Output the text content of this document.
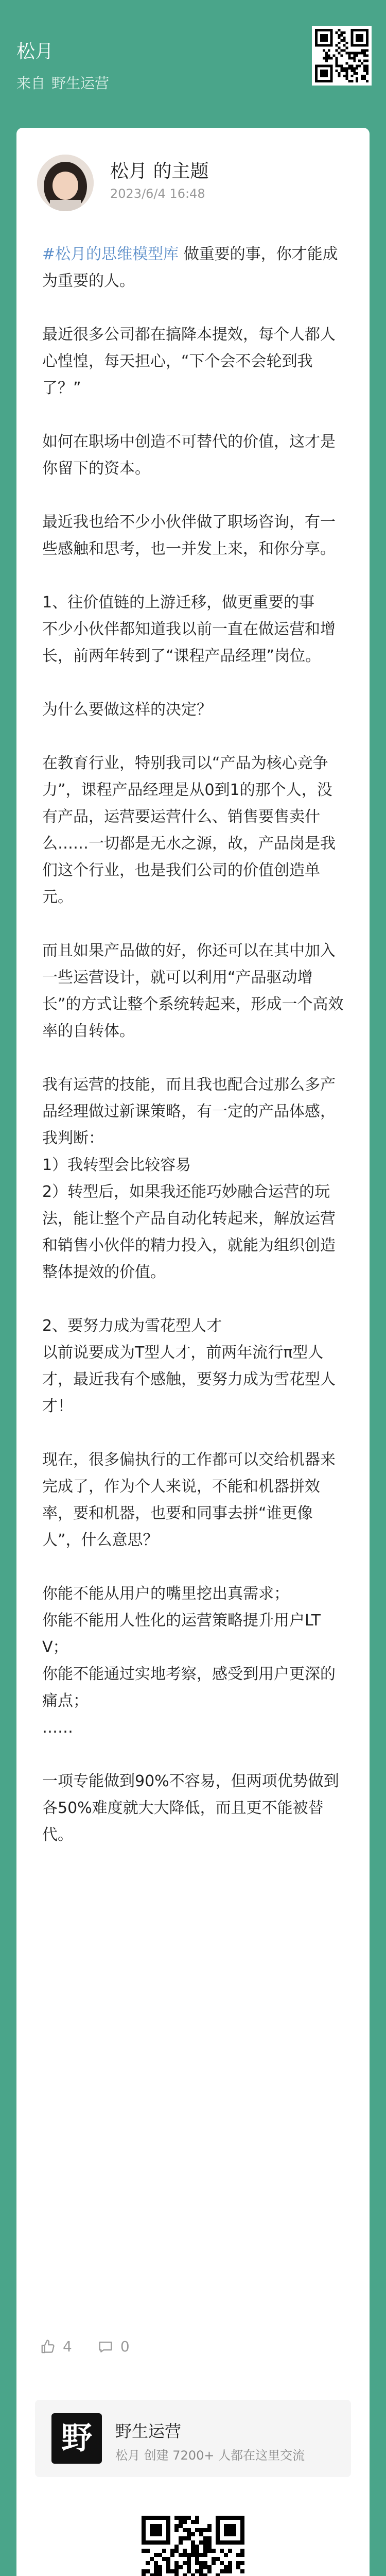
松月
来自 野生运营
松月 的主题
2023/6/4 16:48

#松月的思维模型库 做重要的事，你才能成为重要的人。

最近很多公司都在搞降本提效，每个人都人心惶惶，每天担心，“下个会不会轮到我了？”

如何在职场中创造不可替代的价值，这才是你留下的资本。

最近我也给不少小伙伴做了职场咨询，有一些感触和思考，也一并发上来，和你分享。

1、往价值链的上游迁移，做更重要的事
不少小伙伴都知道我以前一直在做运营和增长，前两年转到了“课程产品经理”岗位。

为什么要做这样的决定？

在教育行业，特别我司以“产品为核心竞争力”，课程产品经理是从0到1的那个人，没有产品，运营要运营什么、销售要售卖什么……一切都是无水之源，故，产品岗是我们这个行业，也是我们公司的价值创造单元。

而且如果产品做的好，你还可以在其中加入一些运营设计，就可以利用“产品驱动增长”的方式让整个系统转起来，形成一个高效率的自转体。

我有运营的技能，而且我也配合过那么多产品经理做过新课策略，有一定的产品体感，我判断：
1）我转型会比较容易
2）转型后，如果我还能巧妙融合运营的玩法，能让整个产品自动化转起来，解放运营和销售小伙伴的精力投入，就能为组织创造整体提效的价值。

2、要努力成为雪花型人才
以前说要成为T型人才，前两年流行π型人才，最近我有个感触，要努力成为雪花型人才！

现在，很多偏执行的工作都可以交给机器来完成了，作为个人来说，不能和机器拼效率，要和机器，也要和同事去拼“谁更像人”，什么意思？

你能不能从用户的嘴里挖出真需求；
你能不能用人性化的运营策略提升用户LTV；
你能不能通过实地考察，感受到用户更深的痛点；
……

一项专能做到90%不容易，但两项优势做到各50%难度就大大降低，而且更不能被替代。

4	0
野	野生运营
松月 创建 7200+ 人都在这里交流
